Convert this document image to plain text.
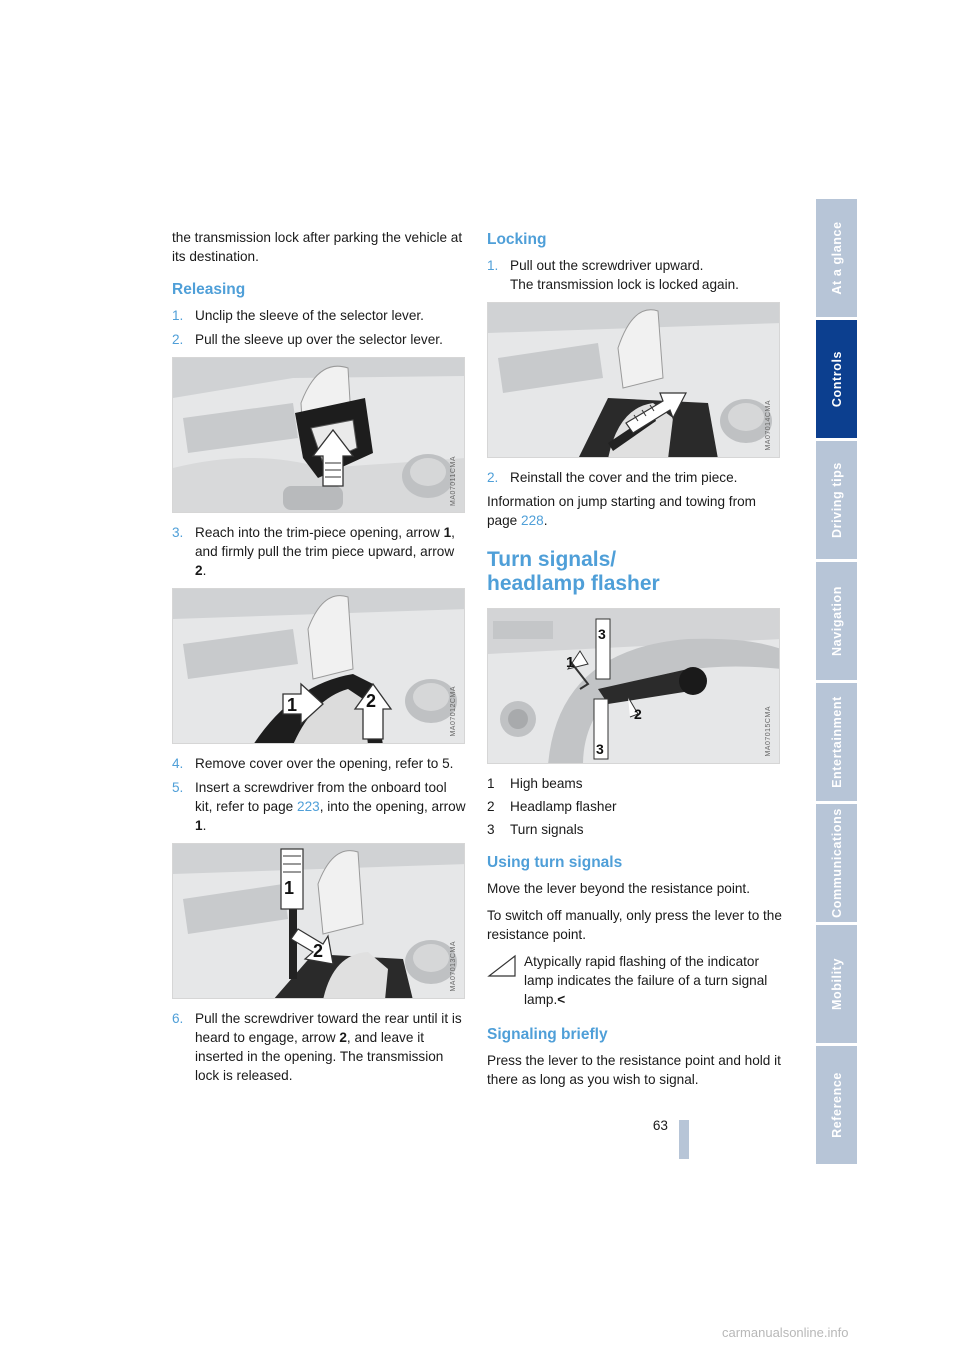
the transmission lock after parking the vehicle at its destination.

Releasing
1. Unclip the sleeve of the selector lever.
2. Pull the sleeve up over the selector lever.
MA07011CMA
3. Reach into the trim-piece opening, arrow 1, and firmly pull the trim piece upward, arrow 2.
1	2	MA07012CMA
4. Remove cover over the opening, refer to 5.
5. Insert a screwdriver from the onboard tool kit, refer to page 223, into the opening, arrow 1.
1
2	MA07013CMA
6. Pull the screwdriver toward the rear until it is heard to engage, arrow 2, and leave it inserted in the opening. The transmission lock is released.
Locking
1. Pull out the screwdriver upward.
The transmission lock is locked again.
MA07014CMA
2. Reinstall the cover and the trim piece.

Information on jump starting and towing from page 228.

Turn signals/
headlamp flasher
1
3
3
2	MA07015CMA
1 High beams
2 Headlamp flasher
3 Turn signals
Using turn signals

Move the lever beyond the resistance point.

To switch off manually, only press the lever to the resistance point.

Atypically rapid flashing of the indicator lamp indicates the failure of a turn signal lamp.<
Signaling briefly

Press the lever to the resistance point and hold it there as long as you wish to signal.

At a glance
Controls
Driving tips
Navigation
Entertainment
Communications
Mobility
Reference
63
carmanualsonline.info
